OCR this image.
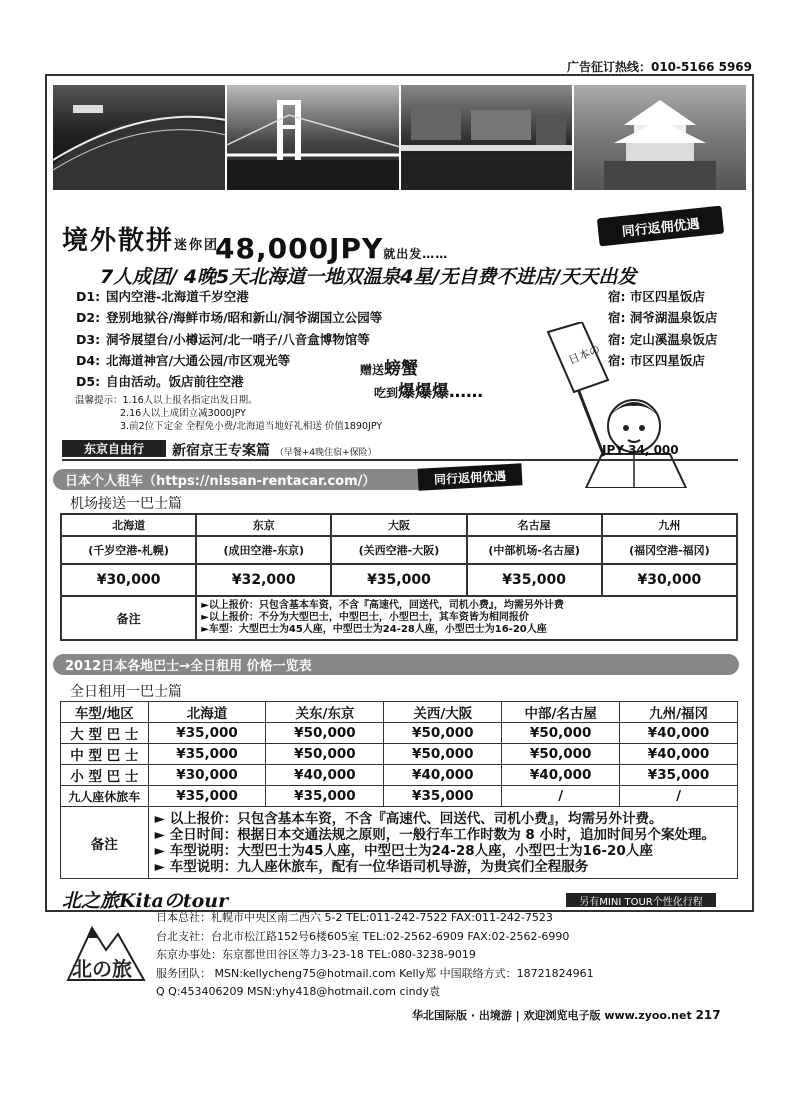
广告征订热线：010-5166 5969
境外散拼迷你团
48,000JPY就出发……
同行返佣优遇
7人成团/ 4晚5天北海道一地双温泉4星/无自费不进店/天天出发
D1: 国内空港-北海道千岁空港
D2: 登别地狱谷/海鲜市场/昭和新山/洞爷湖国立公园等
D3: 洞爷展望台/小樽运河/北一哨子/八音盒博物馆等
D4: 北海道神宫/大通公园/市区观光等
D5: 自由活动。饭店前往空港
宿: 市区四星饭店
宿: 洞爷湖温泉饭店
宿: 定山溪温泉饭店
宿: 市区四星饭店
日本の
赠送螃蟹
吃到爆爆爆……
温馨提示：1.16人以上报名指定出发日期。
2.16人以上成团立减3000JPY
3.前2位下定金 全程免小费/北海道当地好礼相送 价值1890JPY
东京自由行	新宿京王专案篇 （早餐+4晚住宿+保险）	JPY 34, 000
日本个人租车（https://nissan-rentacar.com/）	同行返佣优遇
机场接送一巴士篇
北海道	东京	大阪	名古屋	九州
(千岁空港-札幌)	(成田空港-东京)	(关西空港-大阪)	(中部机场-名古屋)	(福冈空港-福冈)
¥30,000	¥32,000	¥35,000	¥35,000	¥30,000
备注	►以上报价：只包含基本车资，不含『高速代，回送代，司机小费』，均需另外计费
►以上报价：不分为大型巴士，中型巴士，小型巴士，其车资皆为相同报价
►车型：大型巴士为45人座，中型巴士为24-28人座，小型巴士为16-20人座			
2012日本各地巴士→全日租用 价格一览表
全日租用一巴士篇
车型/地区	北海道	关东/东京	关西/大阪	中部/名古屋	九州/福冈
大 型 巴 士	¥35,000	¥50,000	¥50,000	¥50,000	¥40,000
中 型 巴 士	¥35,000	¥50,000	¥50,000	¥50,000	¥40,000
小 型 巴 士	¥30,000	¥40,000	¥40,000	¥40,000	¥35,000
九人座休旅车	¥35,000	¥35,000	¥35,000	/	/
备注	► 以上报价：只包含基本车资，不含『高速代、回送代、司机小费』，均需另外计费。
► 全日时间：根据日本交通法规之原则，一般行车工作时数为 8 小时，追加时间另个案处理。
► 车型说明：大型巴士为45人座，中型巴士为24-28人座，小型巴士为16-20人座
► 车型说明：九人座休旅车，配有一位华语司机导游，为贵宾们全程服务				
北之旅Kitaのtour	另有MINI TOUR个性化行程
北の旅
日本总社：札幌市中央区南二西六 5-2 TEL:011-242-7522 FAX:011-242-7523
台北支社：台北市松江路152号6楼605室 TEL:02-2562-6909 FAX:02-2562-6990
东京办事处：东京都世田谷区等力3-23-18 TEL:080-3238-9019
服务团队： MSN:kellycheng75@hotmail.com Kelly郑 中国联络方式：18721824961
Q Q:453406209 MSN:yhy418@hotmail.com cindy袁
华北国际版 · 出境游 | 欢迎浏览电子版 www.zyoo.net 217
